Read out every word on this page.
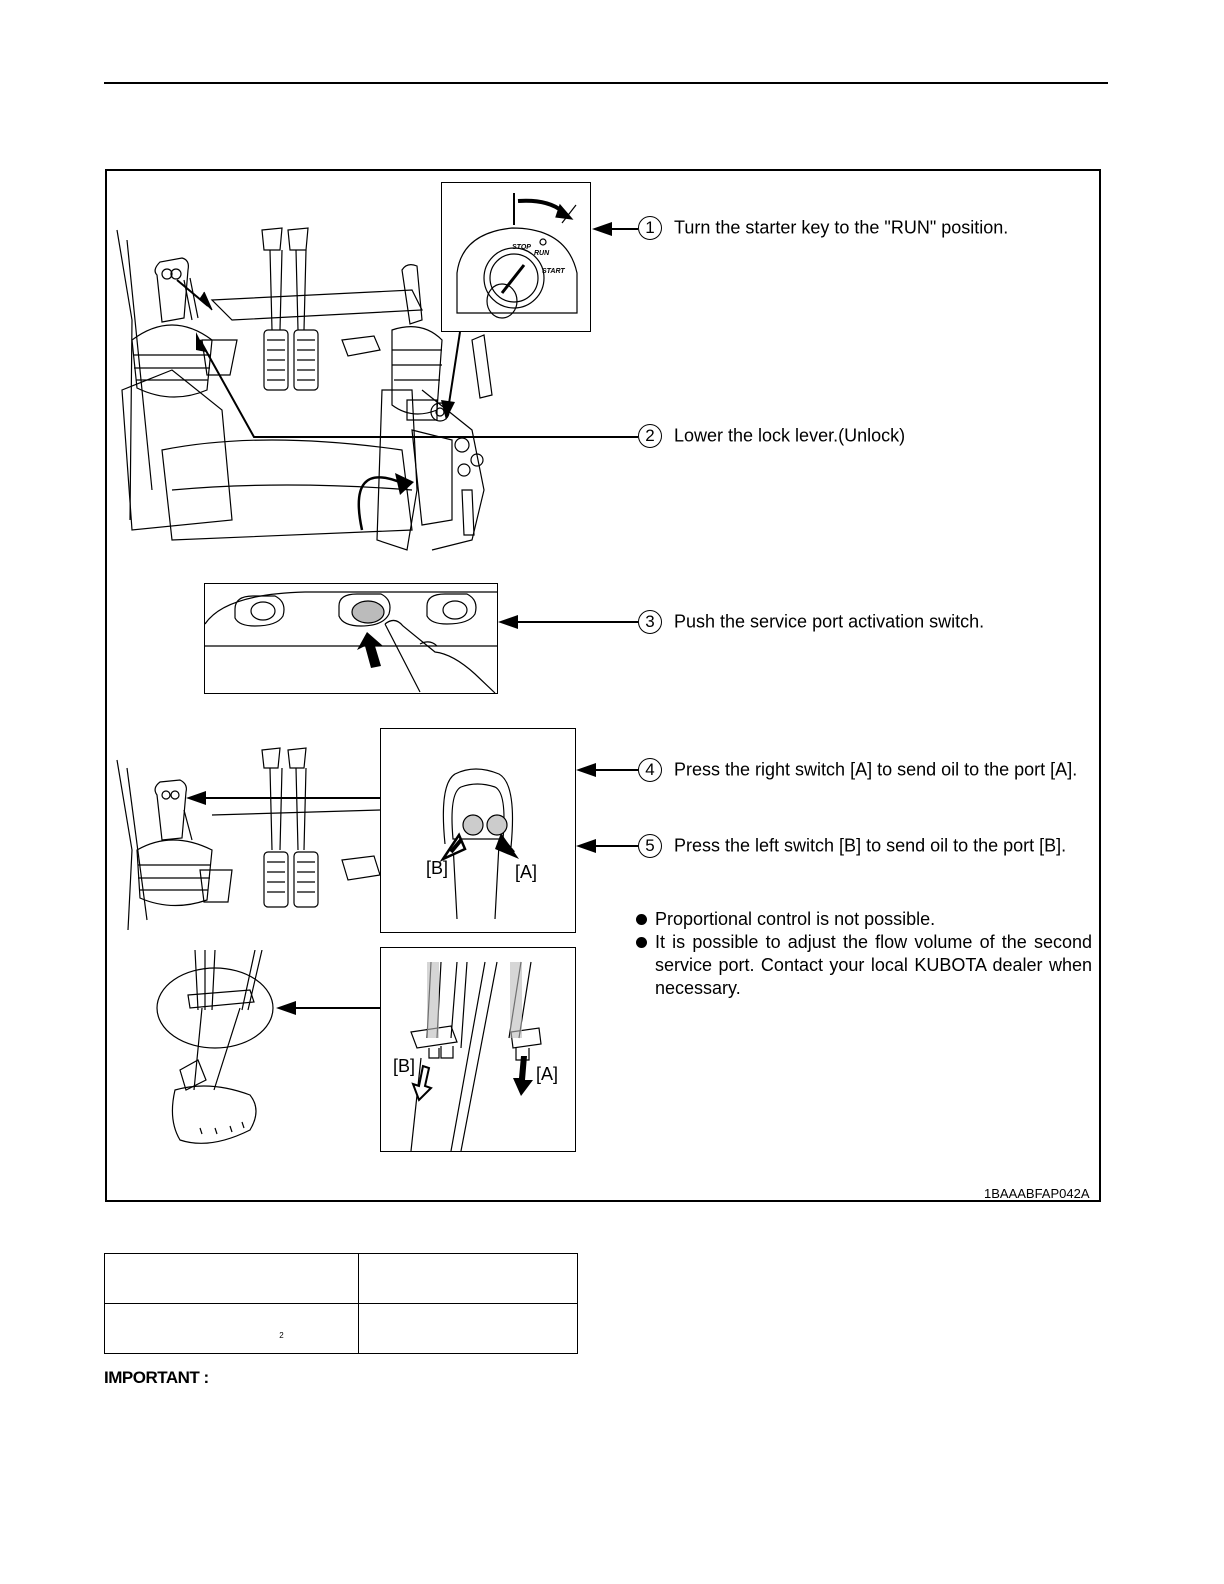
STOP
RUN
START
[B]	[A]
[B]	[A]
1 Turn the starter key to the "RUN" position.
2 Lower the lock lever.(Unlock)
3 Push the service port activation switch.
4 Press the right switch [A] to send oil to the port [A].
5 Press the left switch [B] to send oil to the port [B].
Proportional control is not possible.
It is possible to adjust the flow volume of the second service port. Contact your local KUBOTA dealer when necessary.
1BAAABFAP042A

$^2$	
IMPORTANT :
